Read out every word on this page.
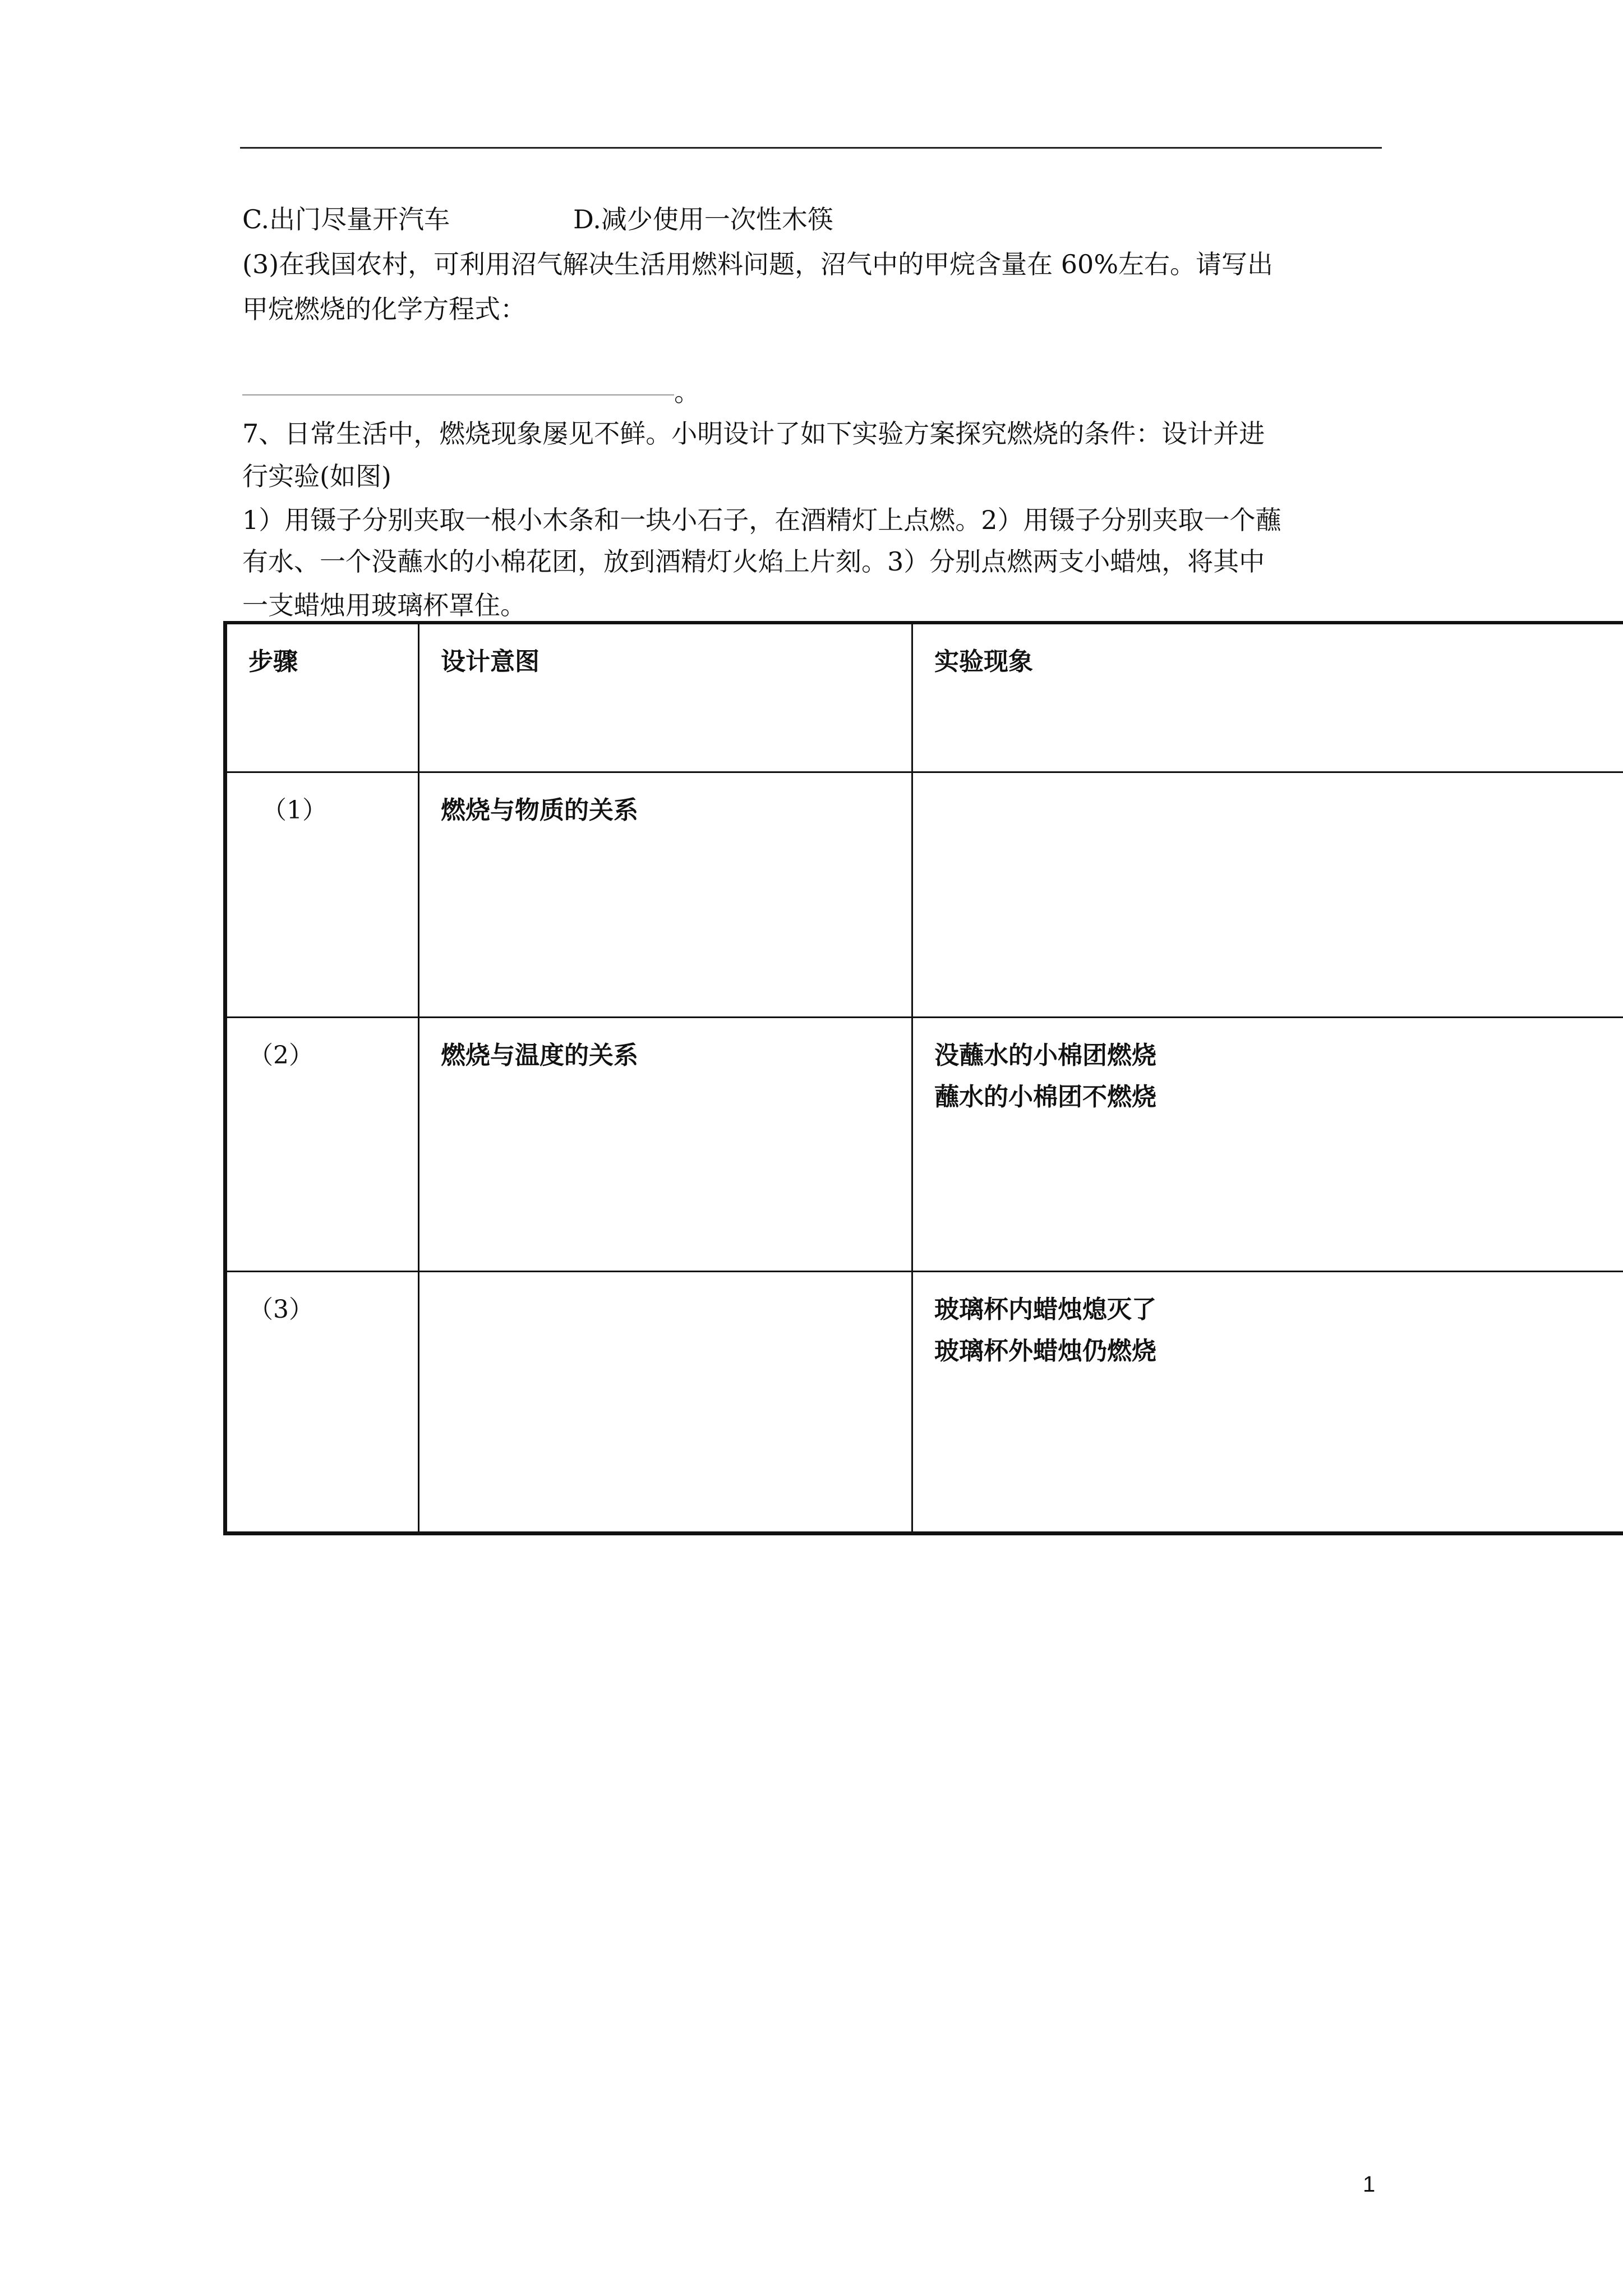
C.出门尽量开汽车	D.减少使用一次性木筷
(3)在我国农村，可利用沼气解决生活用燃料问题，沼气中的甲烷含量在 60%左右。请写出
甲烷燃烧的化学方程式：
。
7、日常生活中，燃烧现象屡见不鲜。小明设计了如下实验方案探究燃烧的条件：设计并进
行实验(如图)
1）用镊子分别夹取一根小木条和一块小石子，在酒精灯上点燃。2）用镊子分别夹取一个蘸
有水、一个没蘸水的小棉花团，放到酒精灯火焰上片刻。3）分别点燃两支小蜡烛，将其中
一支蜡烛用玻璃杯罩住。
步骤	设计意图	实验现象
（1）	燃烧与物质的关系	
（2）	燃烧与温度的关系	没蘸水的小棉团燃烧
蘸水的小棉团不燃烧

（3）		玻璃杯内蜡烛熄灭了
玻璃杯外蜡烛仍燃烧
1
